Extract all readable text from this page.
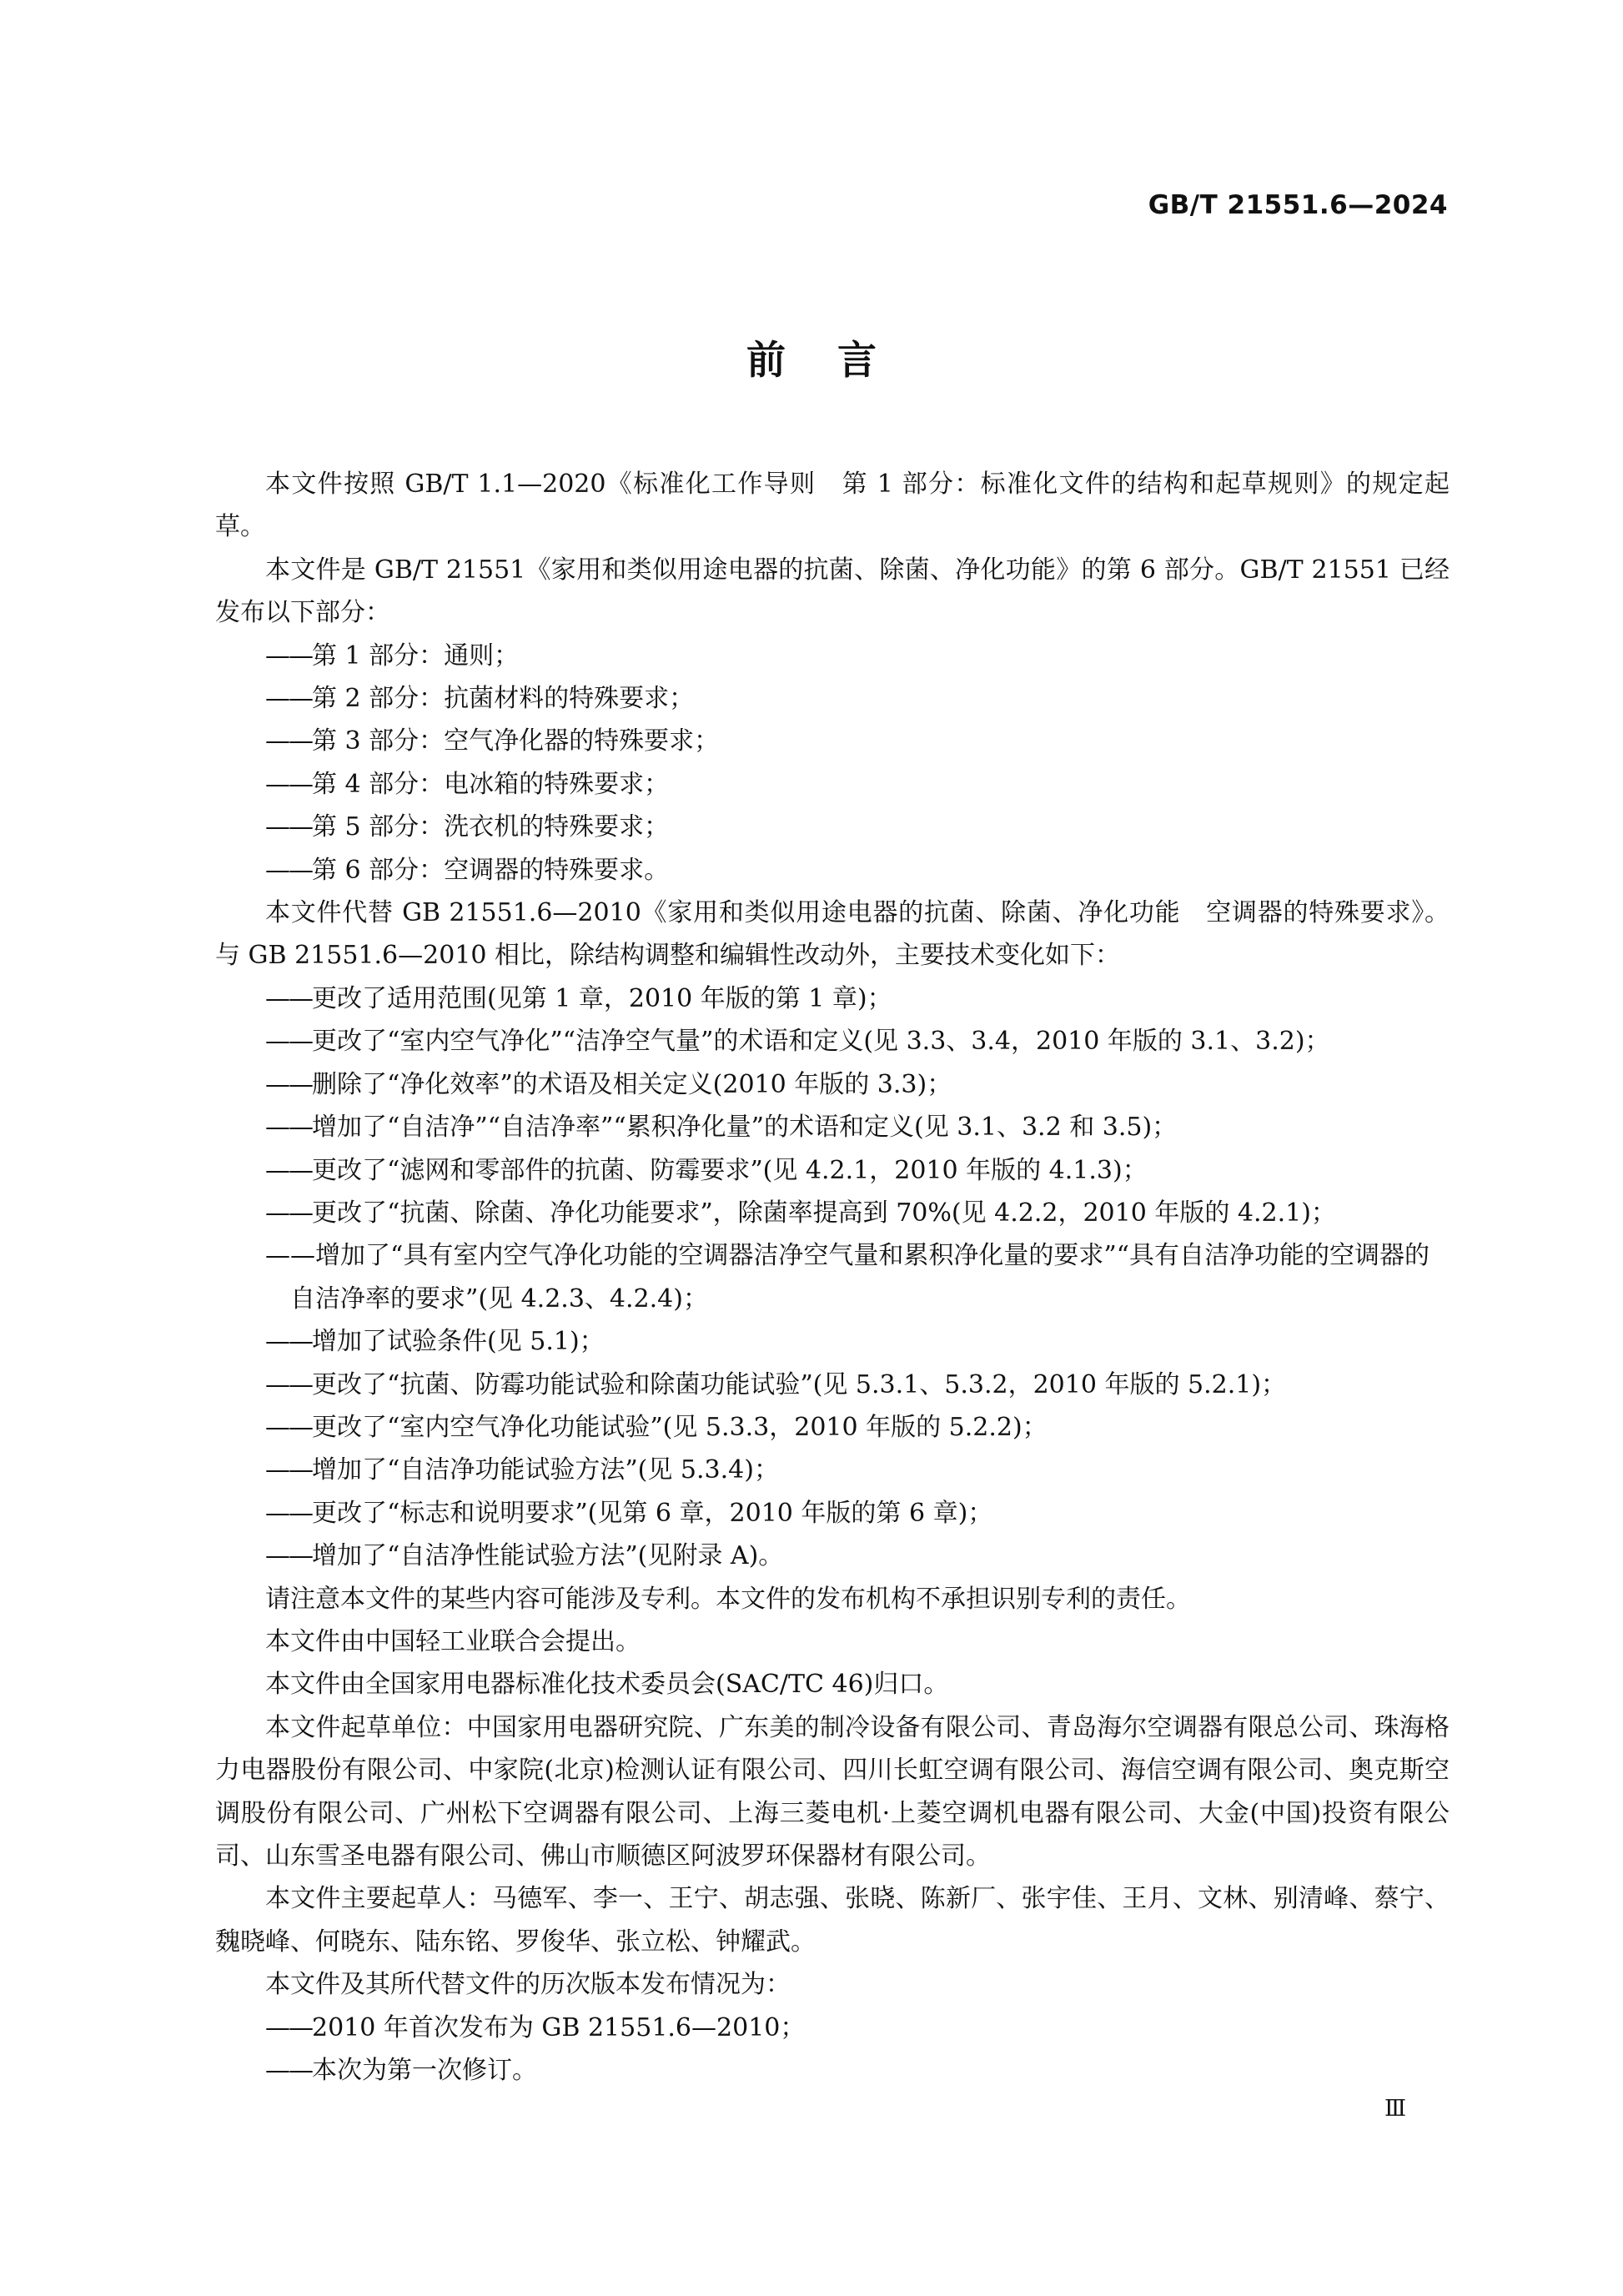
GB/T 21551.6—2024
前言

本文件按照 GB/T 1.1—2020《标准化工作导则　第 1 部分：标准化文件的结构和起草规则》的规定起草。

本文件是 GB/T 21551《家用和类似用途电器的抗菌、除菌、净化功能》的第 6 部分。GB/T 21551 已经发布以下部分：

——第 1 部分：通则；

——第 2 部分：抗菌材料的特殊要求；

——第 3 部分：空气净化器的特殊要求；

——第 4 部分：电冰箱的特殊要求；

——第 5 部分：洗衣机的特殊要求；

——第 6 部分：空调器的特殊要求。

本文件代替 GB 21551.6—2010《家用和类似用途电器的抗菌、除菌、净化功能　空调器的特殊要求》。与 GB 21551.6—2010 相比，除结构调整和编辑性改动外，主要技术变化如下：

——更改了适用范围(见第 1 章，2010 年版的第 1 章)；

——更改了“室内空气净化”“洁净空气量”的术语和定义(见 3.3、3.4，2010 年版的 3.1、3.2)；

——删除了“净化效率”的术语及相关定义(2010 年版的 3.3)；

——增加了“自洁净”“自洁净率”“累积净化量”的术语和定义(见 3.1、3.2 和 3.5)；

——更改了“滤网和零部件的抗菌、防霉要求”(见 4.2.1，2010 年版的 4.1.3)；

——更改了“抗菌、除菌、净化功能要求”，除菌率提高到 70%(见 4.2.2，2010 年版的 4.2.1)；

——增加了“具有室内空气净化功能的空调器洁净空气量和累积净化量的要求”“具有自洁净功能的空调器的自洁净率的要求”(见 4.2.3、4.2.4)；

——增加了试验条件(见 5.1)；

——更改了“抗菌、防霉功能试验和除菌功能试验”(见 5.3.1、5.3.2，2010 年版的 5.2.1)；

——更改了“室内空气净化功能试验”(见 5.3.3，2010 年版的 5.2.2)；

——增加了“自洁净功能试验方法”(见 5.3.4)；

——更改了“标志和说明要求”(见第 6 章，2010 年版的第 6 章)；

——增加了“自洁净性能试验方法”(见附录 A)。

请注意本文件的某些内容可能涉及专利。本文件的发布机构不承担识别专利的责任。

本文件由中国轻工业联合会提出。

本文件由全国家用电器标准化技术委员会(SAC/TC 46)归口。

本文件起草单位：中国家用电器研究院、广东美的制冷设备有限公司、青岛海尔空调器有限总公司、珠海格力电器股份有限公司、中家院(北京)检测认证有限公司、四川长虹空调有限公司、海信空调有限公司、奥克斯空调股份有限公司、广州松下空调器有限公司、上海三菱电机·上菱空调机电器有限公司、大金(中国)投资有限公司、山东雪圣电器有限公司、佛山市顺德区阿波罗环保器材有限公司。

本文件主要起草人：马德军、李一、王宁、胡志强、张晓、陈新厂、张宇佳、王月、文林、别清峰、蔡宁、魏晓峰、何晓东、陆东铭、罗俊华、张立松、钟耀武。

本文件及其所代替文件的历次版本发布情况为：

——2010 年首次发布为 GB 21551.6—2010；

——本次为第一次修订。

Ⅲ
